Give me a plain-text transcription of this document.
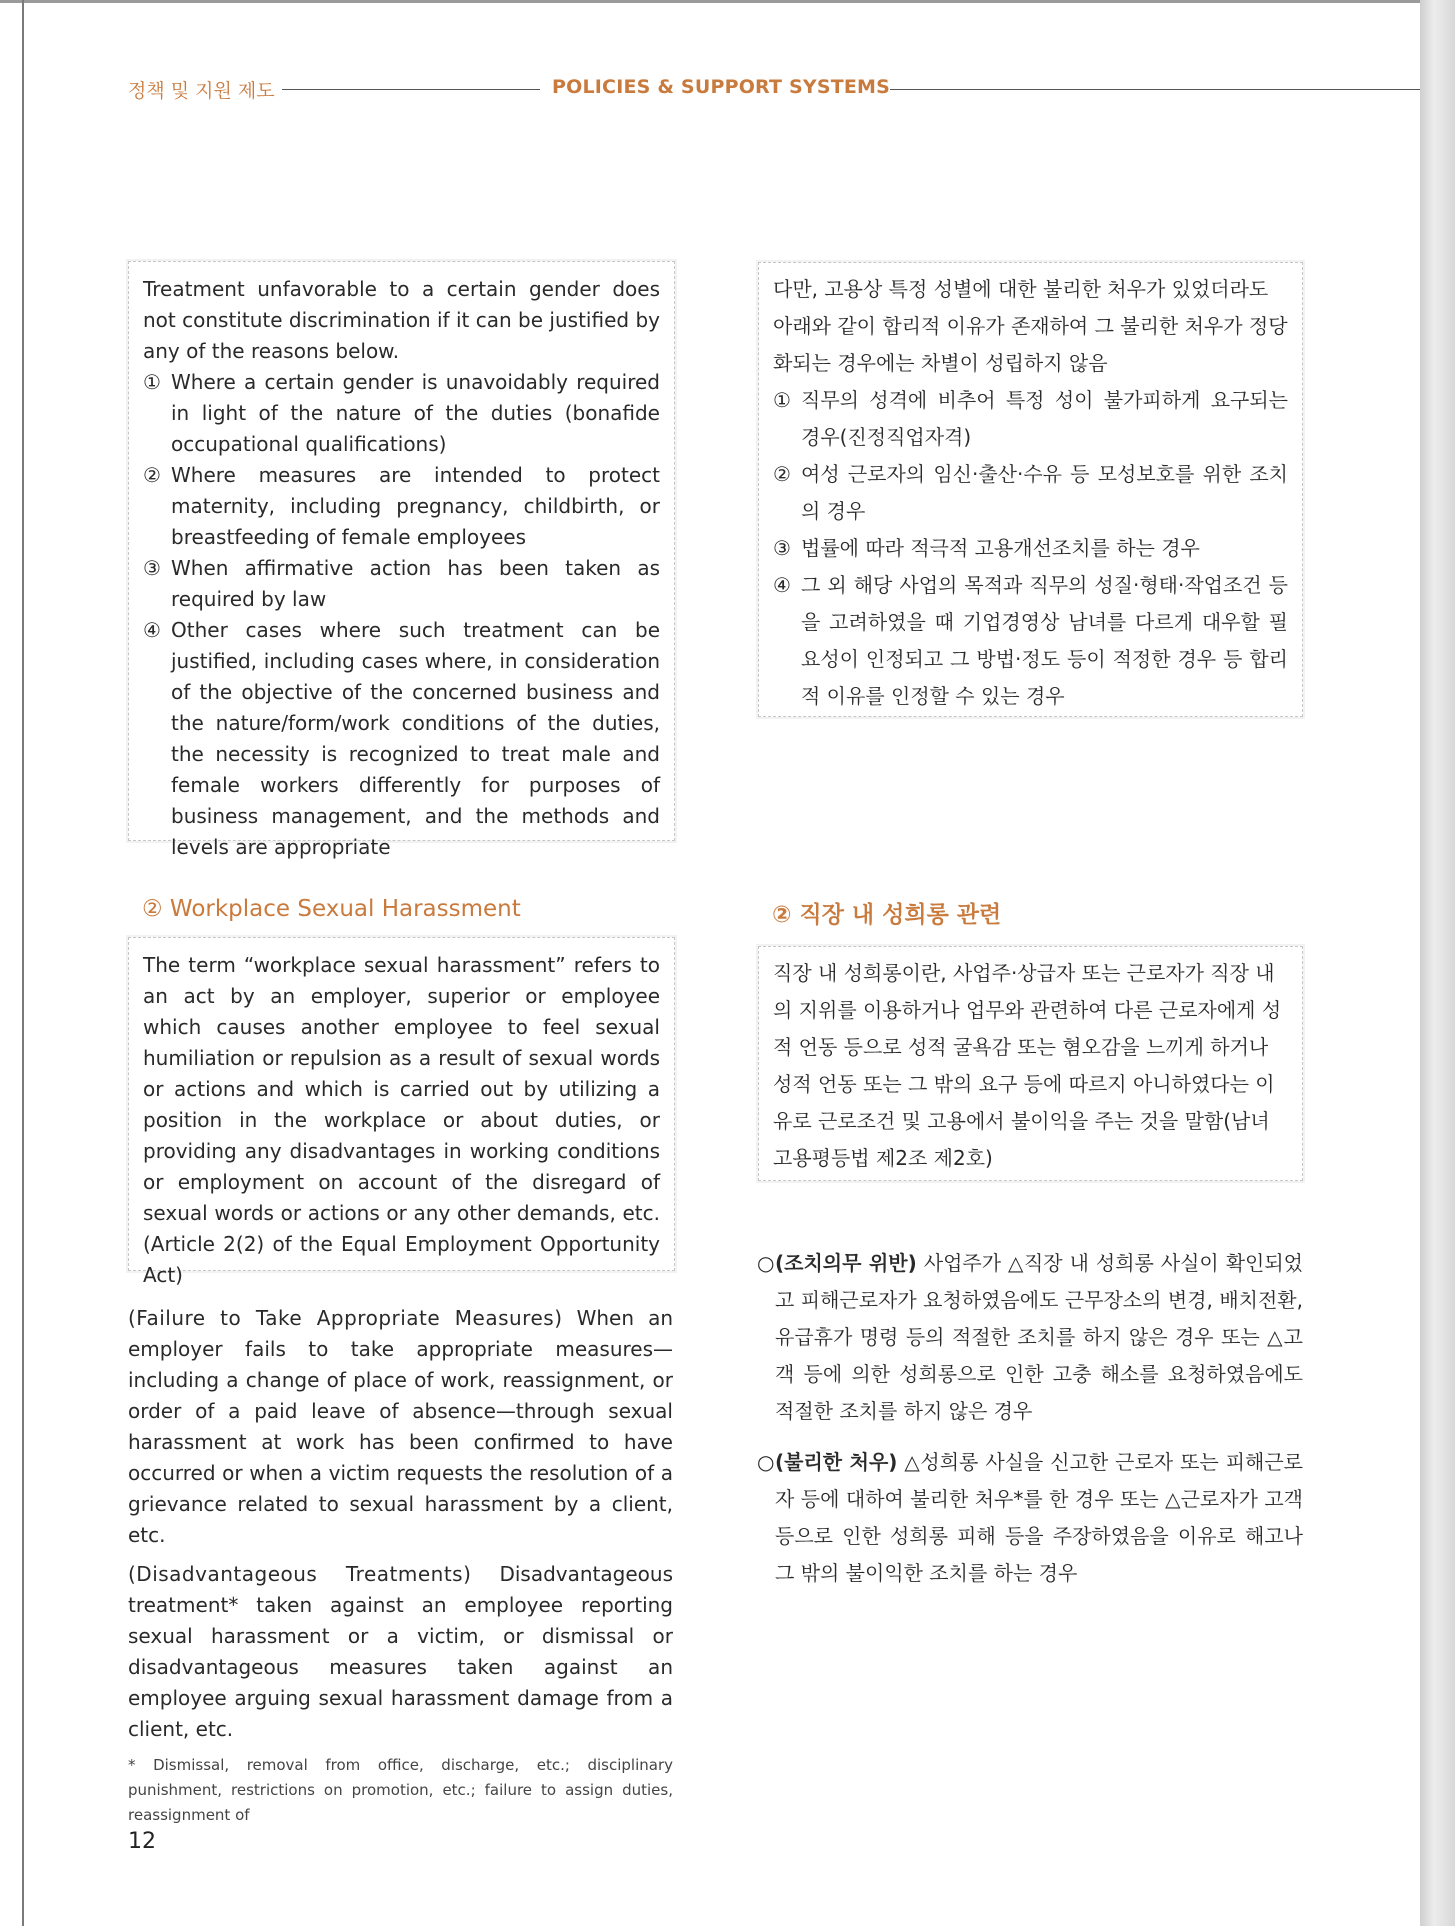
정책 및 지원 제도	POLICIES & SUPPORT SYSTEMS

Treatment unfavorable to a certain gender does not constitute discrimination if it can be justified by any of the reasons below.

① Where a certain gender is unavoidably required in light of the nature of the duties (bonafide occupational qualifications)
② Where measures are intended to protect maternity, including pregnancy, childbirth, or breastfeeding of female employees
③ When affirmative action has been taken as required by law
④ Other cases where such treatment can be justified, including cases where, in consideration of the objective of the concerned business and the nature/form/work conditions of the duties, the necessity is recognized to treat male and female workers differently for purposes of business management, and the methods and levels are appropriate

다만, 고용상 특정 성별에 대한 불리한 처우가 있었더라도 아래와 같이 합리적 이유가 존재하여 그 불리한 처우가 정당화되는 경우에는 차별이 성립하지 않음

① 직무의 성격에 비추어 특정 성이 불가피하게 요구되는 경우(진정직업자격)
② 여성 근로자의 임신·출산·수유 등 모성보호를 위한 조치의 경우
③ 법률에 따라 적극적 고용개선조치를 하는 경우
④ 그 외 해당 사업의 목적과 직무의 성질·형태·작업조건 등을 고려하였을 때 기업경영상 남녀를 다르게 대우할 필요성이 인정되고 그 방법·정도 등이 적정한 경우 등 합리적 이유를 인정할 수 있는 경우
② Workplace Sexual Harassment	② 직장 내 성희롱 관련

The term “workplace sexual harassment” refers to an act by an employer, superior or employee which causes another employee to feel sexual humiliation or repulsion as a result of sexual words or actions and which is carried out by utilizing a position in the workplace or about duties, or providing any disadvantages in working conditions or employment on account of the disregard of sexual words or actions or any other demands, etc. (Article 2(2) of the Equal Employment Opportunity Act)

직장 내 성희롱이란, 사업주·상급자 또는 근로자가 직장 내의 지위를 이용하거나 업무와 관련하여 다른 근로자에게 성적 언동 등으로 성적 굴욕감 또는 혐오감을 느끼게 하거나 성적 언동 또는 그 밖의 요구 등에 따르지 아니하였다는 이유로 근로조건 및 고용에서 불이익을 주는 것을 말함(남녀고용평등법 제2조 제2호)

(Failure to Take Appropriate Measures) When an employer fails to take appropriate measures—including a change of place of work, reassignment, or order of a paid leave of absence—through sexual harassment at work has been confirmed to have occurred or when a victim requests the resolution of a grievance related to sexual harassment by a client, etc.

(Disadvantageous Treatments) Disadvantageous treatment* taken against an employee reporting sexual harassment or a victim, or dismissal or disadvantageous measures taken against an employee arguing sexual harassment damage from a client, etc.

* Dismissal, removal from office, discharge, etc.; disciplinary punishment, restrictions on promotion, etc.; failure to assign duties, reassignment of
○ (조치의무 위반) 사업주가 △직장 내 성희롱 사실이 확인되었고 피해근로자가 요청하였음에도 근무장소의 변경, 배치전환, 유급휴가 명령 등의 적절한 조치를 하지 않은 경우 또는 △고객 등에 의한 성희롱으로 인한 고충 해소를 요청하였음에도 적절한 조치를 하지 않은 경우
○ (불리한 처우) △성희롱 사실을 신고한 근로자 또는 피해근로자 등에 대하여 불리한 처우*를 한 경우 또는 △근로자가 고객 등으로 인한 성희롱 피해 등을 주장하였음을 이유로 해고나 그 밖의 불이익한 조치를 하는 경우
12
